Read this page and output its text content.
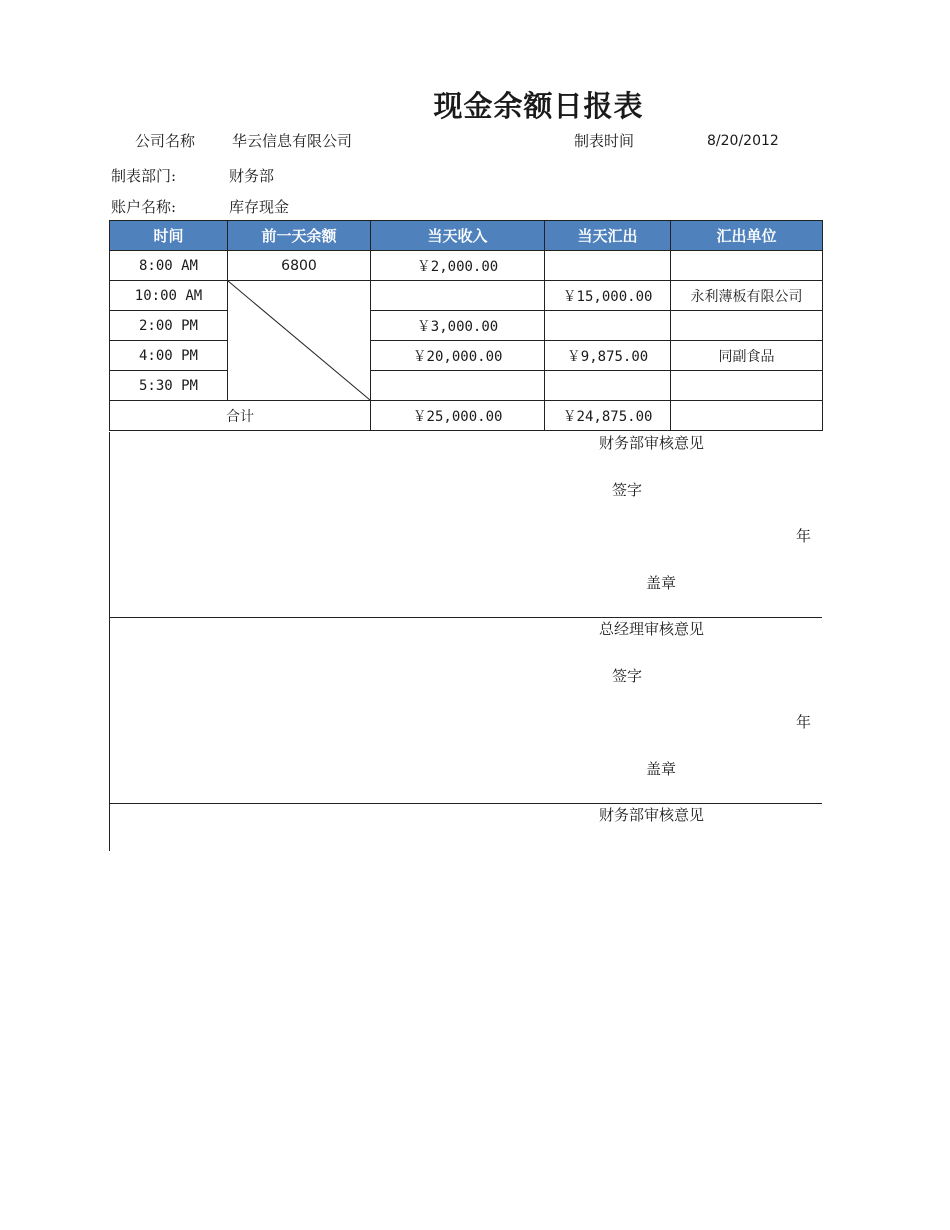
现金余额日报表
公司名称 华云信息有限公司	制表时间	8/20/2012
制表部门:	财务部
账户名称:	库存现金
时间	前一天余额	当天收入	当天汇出	汇出单位
8:00 AM	6800	￥2,000.00		
10:00 AM			￥15,000.00	永利薄板有限公司
2:00 PM		￥3,000.00		
4:00 PM		￥20,000.00	￥9,875.00	同副食品
5:30 PM				
合计		￥25,000.00	￥24,875.00	
财务部审核意见
签字
年
盖章
总经理审核意见
签字
年
盖章
财务部审核意见
